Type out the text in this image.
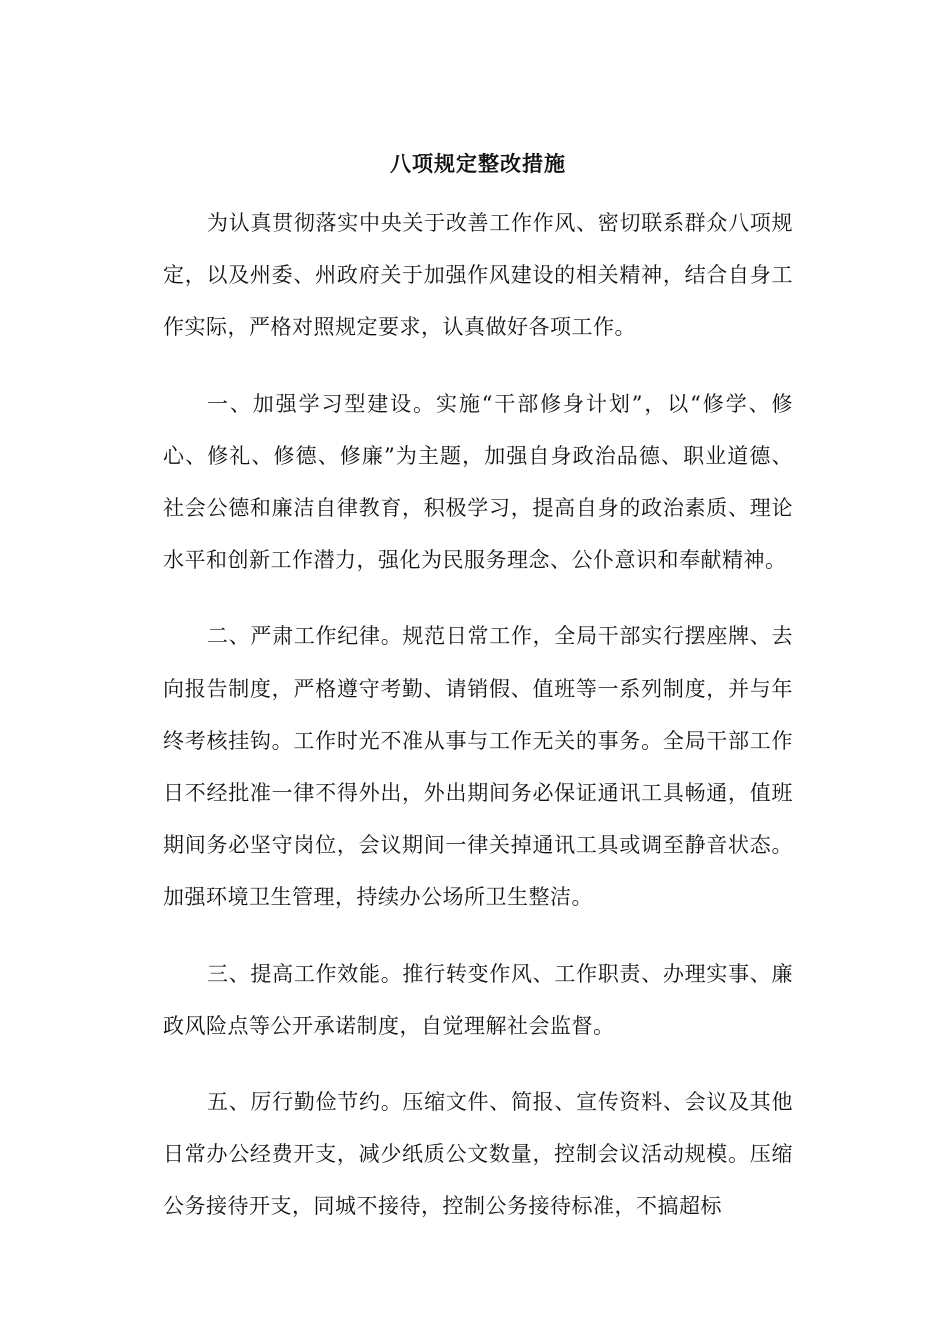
八项规定整改措施

为认真贯彻落实中央关于改善工作作风、密切联系群众八项规定，以及州委、州政府关于加强作风建设的相关精神，结合自身工作实际，严格对照规定要求，认真做好各项工作。

一、加强学习型建设。实施“干部修身计划”，以“修学、修心、修礼、修德、修廉”为主题，加强自身政治品德、职业道德、社会公德和廉洁自律教育，积极学习，提高自身的政治素质、理论水平和创新工作潜力，强化为民服务理念、公仆意识和奉献精神。

二、严肃工作纪律。规范日常工作，全局干部实行摆座牌、去向报告制度，严格遵守考勤、请销假、值班等一系列制度，并与年终考核挂钩。工作时光不准从事与工作无关的事务。全局干部工作日不经批准一律不得外出，外出期间务必保证通讯工具畅通，值班期间务必坚守岗位，会议期间一律关掉通讯工具或调至静音状态。加强环境卫生管理，持续办公场所卫生整洁。

三、提高工作效能。推行转变作风、工作职责、办理实事、廉政风险点等公开承诺制度，自觉理解社会监督。

五、厉行勤俭节约。压缩文件、简报、宣传资料、会议及其他日常办公经费开支，减少纸质公文数量，控制会议活动规模。压缩公务接待开支，同城不接待，控制公务接待标准，不搞超标
